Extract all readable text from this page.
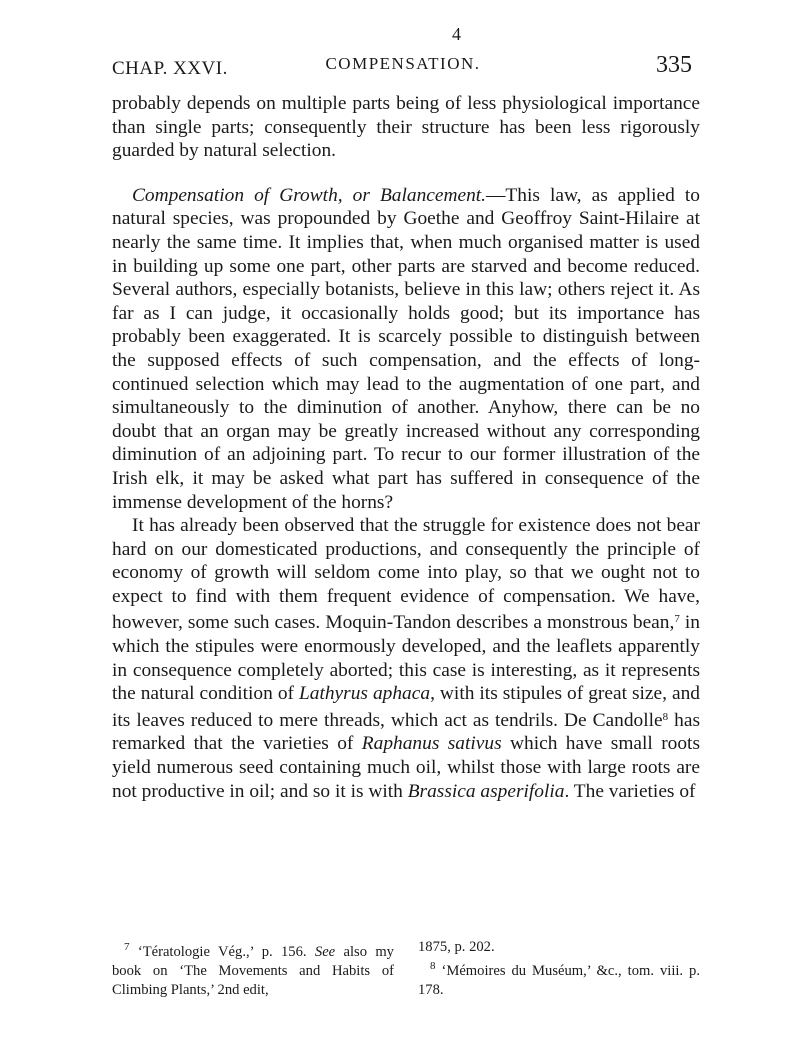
4
CHAP. XXVI.	COMPENSATION.	335

probably depends on multiple parts being of less physiological importance than single parts; consequently their structure has been less rigorously guarded by natural selection.

Compensation of Growth, or Balancement.—This law, as applied to natural species, was propounded by Goethe and Geoffroy Saint-Hilaire at nearly the same time. It implies that, when much organised matter is used in building up some one part, other parts are starved and become reduced. Several authors, especially botanists, believe in this law; others reject it. As far as I can judge, it occasionally holds good; but its importance has probably been exaggerated. It is scarcely possible to distinguish between the supposed effects of such compensation, and the effects of long-continued selection which may lead to the augmentation of one part, and simultaneously to the diminution of another. Anyhow, there can be no doubt that an organ may be greatly increased without any corresponding diminution of an adjoining part. To recur to our former illustration of the Irish elk, it may be asked what part has suffered in consequence of the immense development of the horns?

It has already been observed that the struggle for existence does not bear hard on our domesticated productions, and consequently the principle of economy of growth will seldom come into play, so that we ought not to expect to find with them frequent evidence of compensation. We have, however, some such cases. Moquin-Tandon describes a monstrous bean,$^7$ in which the stipules were enormously developed, and the leaflets apparently in consequence completely aborted; this case is interesting, as it represents the natural condition of Lathyrus aphaca, with its stipules of great size, and its leaves reduced to mere threads, which act as tendrils. De Candolle$^8$ has remarked that the varieties of Raphanus sativus which have small roots yield numerous seed containing much oil, whilst those with large roots are not productive in oil; and so it is with Brassica asperifolia. The varieties of

$^7$ ‘Tératologie Vég.,’ p. 156. See also my book on ‘The Movements and Habits of Climbing Plants,’ 2nd edit,

1875, p. 202.

$^8$ ‘Mémoires du Muséum,’ &c., tom. viii. p. 178.
